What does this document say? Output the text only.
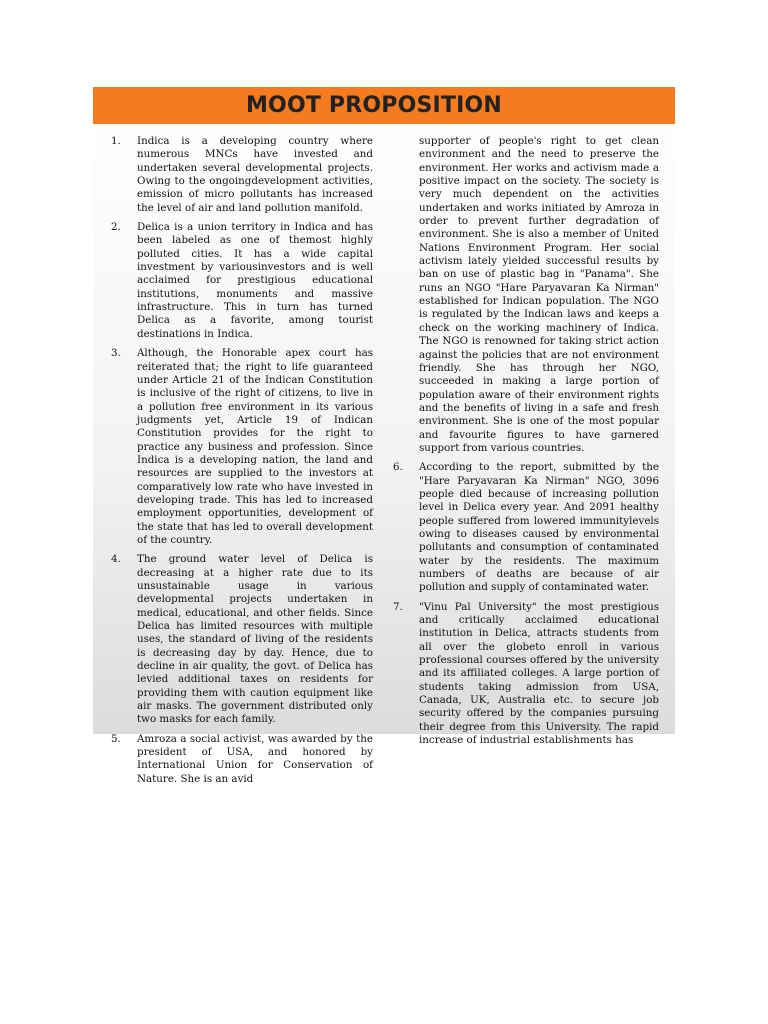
MOOT PROPOSITION
1.	Indica is a developing country where numerous MNCs have invested and undertaken several developmental projects. Owing to the ongoingdevelopment activities, emission of micro pollutants has increased the level of air and land pollution manifold.
2.	Delica is a union territory in Indica and has been labeled as one of themost highly polluted cities. It has a wide capital investment by variousinvestors and is well acclaimed for prestigious educational institutions, monuments and massive infrastructure. This in turn has turned Delica as a favorite, among tourist destinations in Indica.
3.	Although, the Honorable apex court has reiterated that; the right to life guaranteed under Article 21 of the Indican Constitution is inclusive of the right of citizens, to live in a pollution free environment in its various judgments yet, Article 19 of Indican Constitution provides for the right to practice any business and profession. Since Indica is a developing nation, the land and resources are supplied to the investors at comparatively low rate who have invested in developing trade. This has led to increased employment opportunities, development of the state that has led to overall development of the country.
4.	The ground water level of Delica is decreasing at a higher rate due to its unsustainable usage in various developmental projects undertaken in medical, educational, and other fields. Since Delica has limited resources with multiple uses, the standard of living of the residents is decreasing day by day. Hence, due to decline in air quality, the govt. of Delica has levied additional taxes on residents for providing them with caution equipment like air masks. The government distributed only two masks for each family.
5.	Amroza a social activist, was awarded by the president of USA, and honored by International Union for Conservation of Nature. She is an avid
supporter of people's right to get clean environment and the need to preserve the environment. Her works and activism made a positive impact on the society. The society is very much dependent on the activities undertaken and works initiated by Amroza in order to prevent further degradation of environment. She is also a member of United Nations Environment Program. Her social activism lately yielded successful results by ban on use of plastic bag in "Panama". She runs an NGO "Hare Paryavaran Ka Nirman" established for Indican population. The NGO is regulated by the Indican laws and keeps a check on the working machinery of Indica. The NGO is renowned for taking strict action against the policies that are not environment friendly. She has through her NGO, succeeded in making a large portion of population aware of their environment rights and the benefits of living in a safe and fresh environment. She is one of the most popular and favourite figures to have garnered support from various countries.
6.	According to the report, submitted by the "Hare Paryavaran Ka Nirman" NGO, 3096 people died because of increasing pollution level in Delica every year. And 2091 healthy people suffered from lowered immunitylevels owing to diseases caused by environmental pollutants and consumption of contaminated water by the residents. The maximum numbers of deaths are because of air pollution and supply of contaminated water.
7.	"Vinu Pal University" the most prestigious and critically acclaimed educational institution in Delica, attracts students from all over the globeto enroll in various professional courses offered by the university and its affiliated colleges. A large portion of students taking admission from USA, Canada, UK, Australia etc. to secure job security offered by the companies pursuing their degree from this University. The rapid increase of industrial establishments has
